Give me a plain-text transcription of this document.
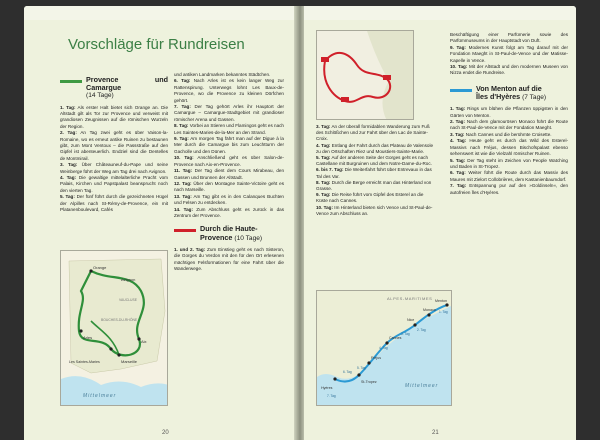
Vorschläge für Rundreisen
Provence und Camargue
(14 Tage)

1. Tag: Als erster Halt bietet sich Orange an. Die Altstadt gilt als Tor zur Provence und verweist mit grandiosen Zeugnissen auf die römischen Wurzeln der Region.

2. Tag: An Tag zwei geht es über Vaison-la-Romaine, wo es erneut antike Ruinen zu bestaunen gibt, zum Mont Ventoux – die Passstraße auf den Gipfel ist abenteuerlich. Endziel sind die Dentelles de Montmirail.

3. Tag: Über Châteauneuf-du-Pape und seine Weinberge führt der Weg am Tag drei nach Avignon.

4. Tag: Die gewaltige mittelalterliche Pracht vom Palais, Kirchen und Papstpalast beansprucht noch den vierten Tag.

5. Tag: Der fünf führt durch die gezeichneten Hügel der Alpilles nach St-Rémy-de-Provence, ein mit Platanenboulevard, Cafés

Orange
Avignon
Arles
Aix
Marseille
Les Saintes-Maries
BOUCHES-DU-RHÔNE
VAUCLUSE
Mittelmeer

und antiken Landmarken bekanntes Städtchen.

6. Tag: Nach Arles ist es kein langer Weg zur Rattenspirung. Unterwegs lohnt Les Baux-de-Provence, wo die Provence zu kleinen Dörfchen gehört.

7. Tag: Der Tag gehört Arles ihr Hauptort der Camargue – Camargue-Stadtgebiet mit grandioser römischer Arena und Gassen.

8. Tag: Vorbei an Stieren und Flamingos geht es nach Les Saintes-Maries-de-la-Mer an den Strand.

9. Tag: Am morgen Tag fährt man auf der Digue à la Mer durch die Camargue bis zum Leuchtturm der Gacholle und den Dünen.

10. Tag: Anschließend geht es über Salon-de-Provence nach Aix-en-Provence.

11. Tag: Der Tag dient dem Cours Mirabeau, den Gassen und Brunnen der Altstadt.

12. Tag: Über den Montagne Sainte-Victoire geht es nach Marseille.

13. Tag: Am Tag gibt es in den Calanques Buchten und Felsen zu entdecken.

14. Tag: Zum Abschluss geht es zurück in das Zentrum der Provence.

Durch die Haute-
Provence (10 Tage)

1. und 2. Tag: Zum Einstieg geht es nach Sisteron, die Gorges du Verdon mit den für den Ort erlesenen mächtigen Felsformationen für eine Fahrt über die Wanderwege.

20

3. Tag: An der überall formidablen Wanderung zum Fuß des Schlößchen und zur Fahrt über den Lac de Sainte-Croix.

4. Tag: Entlang der Fahrt durch das Plateau de Valensole zu den Ortschaften Riez und Moustiers-Sainte-Marie.

5. Tag: Auf der anderen Seite der Gorges geht es nach Castellane mit Burgruinen und dem Notre-Dame-du-Roc.

6. bis 7. Tag: Die Weiterfahrt führt über Entrevaux in das Tal des Var.

8. Tag: Durch die Berge erreicht man das Hinterland von Grasse.

9. Tag: Die Reise führt vom Gipfel des Esterel an die Küste nach Cannes.

10. Tag: Im Hinterland bieten sich Vence und St-Paul-de-Vence zum Abschluss an.

Beschäftigung einer Parfümerie sowie des Parfümmuseums in der Hauptstadt von Duft.

9. Tag: Modernes Kunst folgt am Tag darauf mit der Fondation Maeght in St-Paul-de-Vence und der Matisse-Kapelle in Vence.

10. Tag: Mit der Altstadt und den modernen Museen von Nizza endet die Rundreise.

Von Menton auf die
Îles d'Hyères (7 Tage)

1. Tag: Rings um blühen die Pflanzen üppigsten in den Gärten von Menton.

2. Tag: Nach dem glamourösen Monaco führt die Route nach St-Paul-de-Vence mit der Fondation Maeght.

3. Tag: Nach Cannes und die berühmte Croisette.

4. Tag: Heute geht es durch das Wild des Esterel-Massivs nach Fréjus, dessen Bischofspalast ebenso sehenswert ist wie die Vielzahl römischer Ruinen.

5. Tag: Der Tag steht im Zeichen von People Watching und Baden in St-Tropez.

6. Tag: Weiter führt die Route durch das Massiv des Maures mit Zielort Collobrières, dem Kastanienbaumdorf.

7. Tag: Entspannung pur auf den »Goldinseln«, den autofreien Îles d'Hyères.

ALPES-MARITIMES Menton
Monaco
Nice
Cannes
Fréjus
St-Tropez
Hyères
1. Tag
2. Tag
3. Tag
4. Tag
5. Tag
6. Tag
7. Tag
Mittelmeer
21
